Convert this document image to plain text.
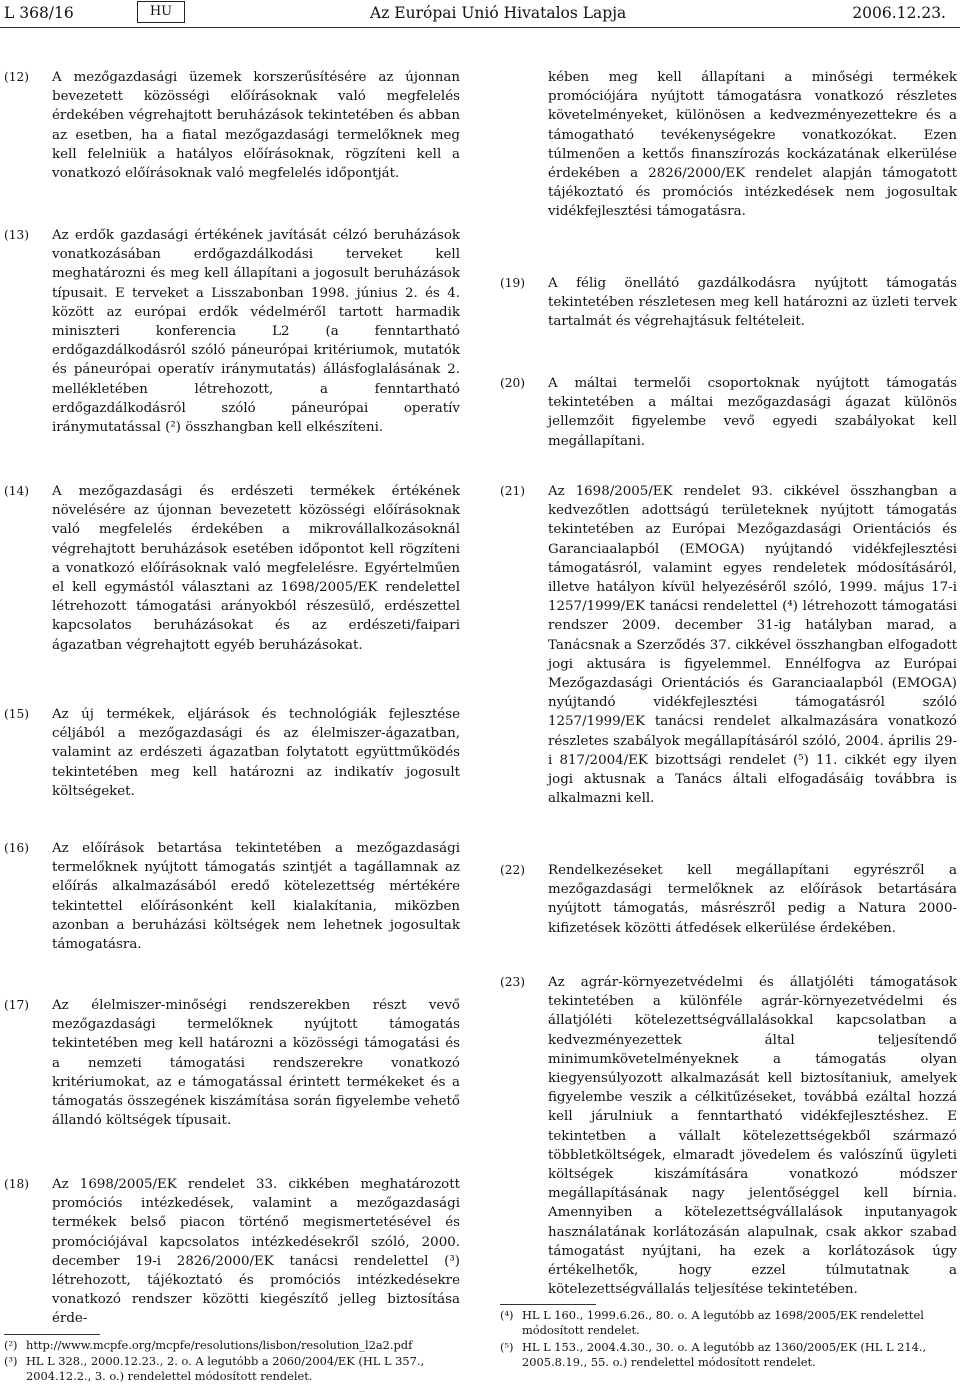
L 368/16	HU	Az Európai Unió Hivatalos Lapja	2006.12.23.
(12)	A mezőgazdasági üzemek korszerűsítésére az újonnan bevezetett közösségi előírásoknak való megfelelés érdekében végrehajtott beruházások tekintetében és abban az esetben, ha a fiatal mezőgazdasági termelőknek meg kell felelniük a hatályos előírásoknak, rögzíteni kell a vonatkozó előírásoknak való megfelelés időpontját.
(13)	Az erdők gazdasági értékének javítását célzó beruházások vonatkozásában erdőgazdálkodási terveket kell meghatározni és meg kell állapítani a jogosult beruházások típusait. E terveket a Lisszabonban 1998. június 2. és 4. között az európai erdők védelméről tartott harmadik miniszteri konferencia L2 (a fenntartható erdőgazdálkodásról szóló páneurópai kritériumok, mutatók és páneurópai operatív iránymutatás) állásfoglalásának 2. mellékletében létrehozott, a fenntartható erdőgazdálkodásról szóló páneurópai operatív iránymutatással (²) összhangban kell elkészíteni.
(14)	A mezőgazdasági és erdészeti termékek értékének növelésére az újonnan bevezetett közösségi előírásoknak való megfelelés érdekében a mikrovállalkozásoknál végrehajtott beruházások esetében időpontot kell rögzíteni a vonatkozó előírásoknak való megfelelésre. Egyértelműen el kell egymástól választani az 1698/2005/EK rendelettel létrehozott támogatási arányokból részesülő, erdészettel kapcsolatos beruházásokat és az erdészeti/faipari ágazatban végrehajtott egyéb beruházásokat.
(15)	Az új termékek, eljárások és technológiák fejlesztése céljából a mezőgazdasági és az élelmiszer-ágazatban, valamint az erdészeti ágazatban folytatott együttműködés tekintetében meg kell határozni az indikatív jogosult költségeket.
(16)	Az előírások betartása tekintetében a mezőgazdasági termelőknek nyújtott támogatás szintjét a tagállamnak az előírás alkalmazásából eredő kötelezettség mértékére tekintettel előírásonként kell kialakítania, miközben azonban a beruházási költségek nem lehetnek jogosultak támogatásra.
(17)	Az élelmiszer-minőségi rendszerekben részt vevő mezőgazdasági termelőknek nyújtott támogatás tekintetében meg kell határozni a közösségi támogatási és a nemzeti támogatási rendszerekre vonatkozó kritériumokat, az e támogatással érintett termékeket és a támogatás összegének kiszámítása során figyelembe vehető állandó költségek típusait.
(18)	Az 1698/2005/EK rendelet 33. cikkében meghatározott promóciós intézkedések, valamint a mezőgazdasági termékek belső piacon történő megismertetésével és promóciójával kapcsolatos intézkedésekről szóló, 2000. december 19-i 2826/2000/EK tanácsi rendelettel (³) létrehozott, tájékoztató és promóciós intézkedésekre vonatkozó rendszer közötti kiegészítő jelleg biztosítása érde-
(²) http://www.mcpfe.org/mcpfe/resolutions/lisbon/resolution_l2a2.pdf
(³) HL L 328., 2000.12.23., 2. o. A legutóbb a 2060/2004/EK (HL L 357., 2004.12.2., 3. o.) rendelettel módosított rendelet.
kében meg kell állapítani a minőségi termékek promóciójára nyújtott támogatásra vonatkozó részletes követelményeket, különösen a kedvezményezettekre és a támogatható tevékenységekre vonatkozókat. Ezen túlmenően a kettős finanszírozás kockázatának elkerülése érdekében a 2826/2000/EK rendelet alapján támogatott tájékoztató és promóciós intézkedések nem jogosultak vidékfejlesztési támogatásra.
(19)	A félig önellátó gazdálkodásra nyújtott támogatás tekintetében részletesen meg kell határozni az üzleti tervek tartalmát és végrehajtásuk feltételeit.
(20)	A máltai termelői csoportoknak nyújtott támogatás tekintetében a máltai mezőgazdasági ágazat különös jellemzőit figyelembe vevő egyedi szabályokat kell megállapítani.
(21)	Az 1698/2005/EK rendelet 93. cikkével összhangban a kedvezőtlen adottságú területeknek nyújtott támogatás tekintetében az Európai Mezőgazdasági Orientációs és Garanciaalapból (EMOGA) nyújtandó vidékfejlesztési támogatásról, valamint egyes rendeletek módosításáról, illetve hatályon kívül helyezéséről szóló, 1999. május 17-i 1257/1999/EK tanácsi rendelettel (⁴) létrehozott támogatási rendszer 2009. december 31-ig hatályban marad, a Tanácsnak a Szerződés 37. cikkével összhangban elfogadott jogi aktusára is figyelemmel. Ennélfogva az Európai Mezőgazdasági Orientációs és Garanciaalapból (EMOGA) nyújtandó vidékfejlesztési támogatásról szóló 1257/1999/EK tanácsi rendelet alkalmazására vonatkozó részletes szabályok megállapításáról szóló, 2004. április 29-i 817/2004/EK bizottsági rendelet (⁵) 11. cikkét egy ilyen jogi aktusnak a Tanács általi elfogadásáig továbbra is alkalmazni kell.
(22)	Rendelkezéseket kell megállapítani egyrészről a mezőgazdasági termelőknek az előírások betartására nyújtott támogatás, másrészről pedig a Natura 2000-kifizetések közötti átfedések elkerülése érdekében.
(23)	Az agrár-környezetvédelmi és állatjóléti támogatások tekintetében a különféle agrár-környezetvédelmi és állatjóléti kötelezettségvállalásokkal kapcsolatban a kedvezményezettek által teljesítendő minimumkövetelményeknek a támogatás olyan kiegyensúlyozott alkalmazását kell biztosítaniuk, amelyek figyelembe veszik a célkitűzéseket, továbbá ezáltal hozzá kell járulniuk a fenntartható vidékfejlesztéshez. E tekintetben a vállalt kötelezettségekből származó többletköltségek, elmaradt jövedelem és valószínű ügyleti költségek kiszámítására vonatkozó módszer megállapításának nagy jelentőséggel kell bírnia. Amennyiben a kötelezettségvállalások inputanyagok használatának korlátozásán alapulnak, csak akkor szabad támogatást nyújtani, ha ezek a korlátozások úgy értékelhetők, hogy ezzel túlmutatnak a kötelezettségvállalás teljesítése tekintetében.
(⁴) HL L 160., 1999.6.26., 80. o. A legutóbb az 1698/2005/EK rendelettel módosított rendelet.
(⁵) HL L 153., 2004.4.30., 30. o. A legutóbb az 1360/2005/EK (HL L 214., 2005.8.19., 55. o.) rendelettel módosított rendelet.
